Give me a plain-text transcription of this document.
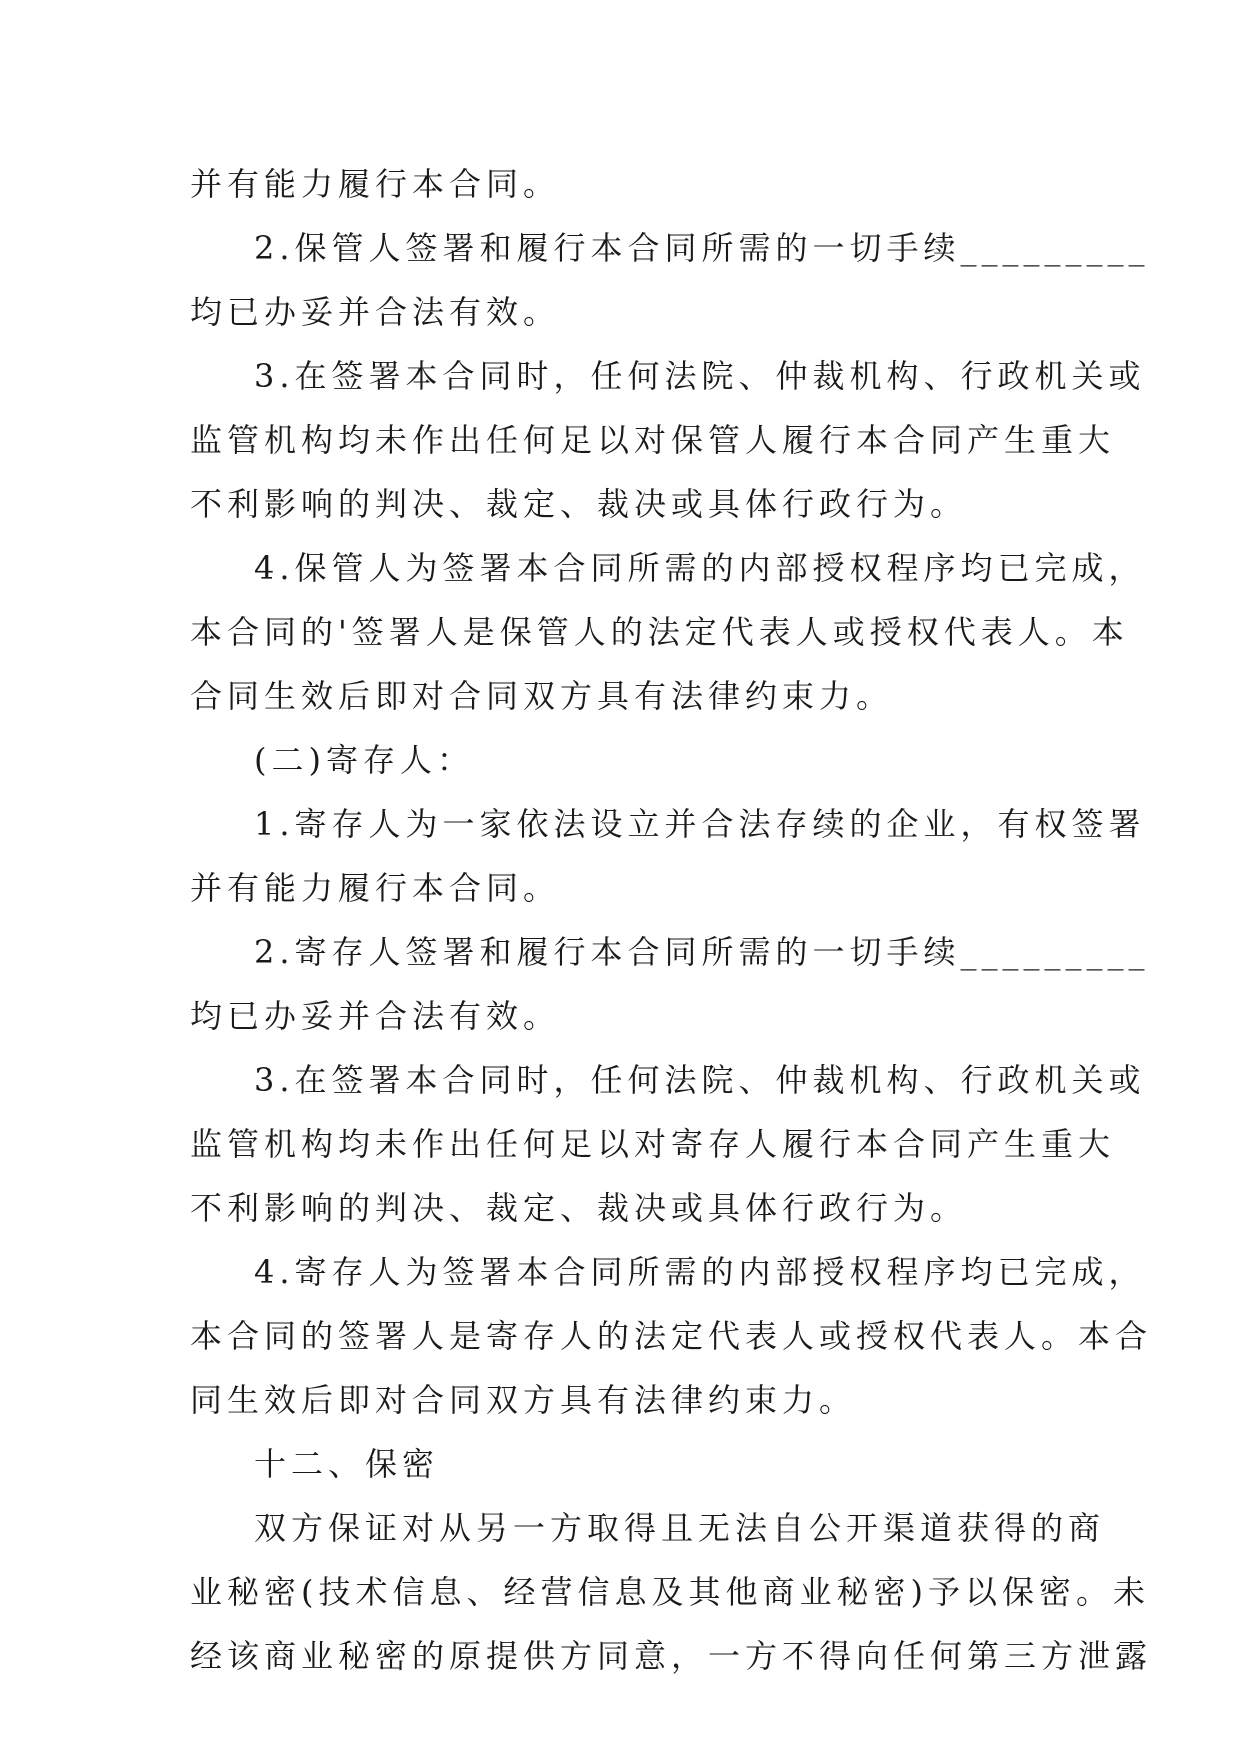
并有能力履行本合同。
2.保管人签署和履行本合同所需的一切手续_________
均已办妥并合法有效。
3.在签署本合同时，任何法院、仲裁机构、行政机关或
监管机构均未作出任何足以对保管人履行本合同产生重大
不利影响的判决、裁定、裁决或具体行政行为。
4.保管人为签署本合同所需的内部授权程序均已完成，
本合同的'签署人是保管人的法定代表人或授权代表人。本
合同生效后即对合同双方具有法律约束力。
(二)寄存人：
1.寄存人为一家依法设立并合法存续的企业，有权签署
并有能力履行本合同。
2.寄存人签署和履行本合同所需的一切手续_________
均已办妥并合法有效。
3.在签署本合同时，任何法院、仲裁机构、行政机关或
监管机构均未作出任何足以对寄存人履行本合同产生重大
不利影响的判决、裁定、裁决或具体行政行为。
4.寄存人为签署本合同所需的内部授权程序均已完成，
本合同的签署人是寄存人的法定代表人或授权代表人。本合
同生效后即对合同双方具有法律约束力。
十二、保密
双方保证对从另一方取得且无法自公开渠道获得的商
业秘密(技术信息、经营信息及其他商业秘密)予以保密。未
经该商业秘密的原提供方同意，一方不得向任何第三方泄露
